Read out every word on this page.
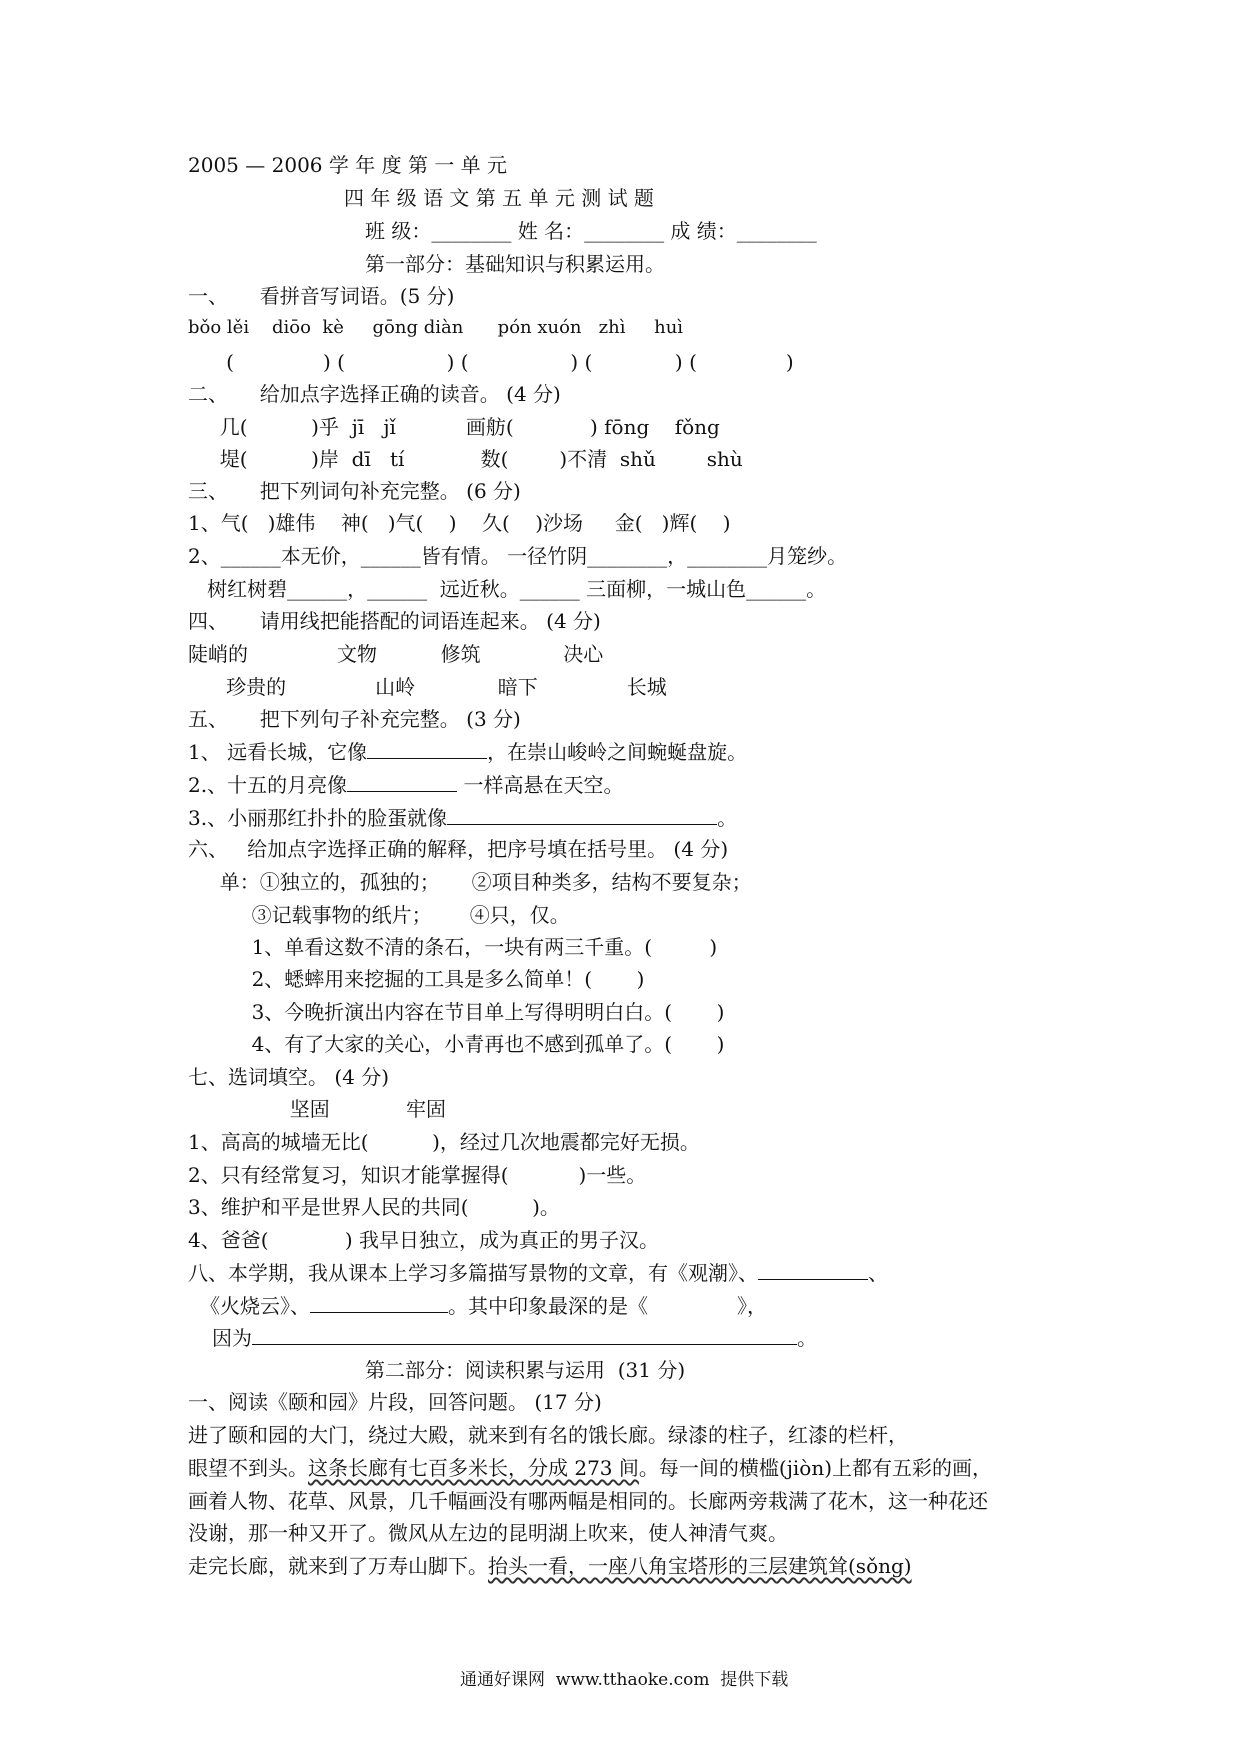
2005 — 2006 学 年 度 第 一 单 元
四 年 级 语 文 第 五 单 元 测 试 题
班 级：________ 姓 名：________ 成 绩：________
第一部分：基础知识与积累运用。
一、     看拼音写词语。(5 分)
bǒo lěi    diōo  kè     gōng diàn      pón xuón   zhì     huì
(              ) (                ) (                ) (             ) (              )
二、     给加点字选择正确的读音。 (4 分)
几(          )乎  jī   jǐ           画舫(            ) fōng    fǒng
堤(          )岸  dī   tí            数(        )不清  shǔ        shù
三、     把下列词句补充完整。 (6 分)
1、气(   )雄伟    神(   )气(    )    久(    )沙场     金(   )辉(    )
2、______本无价，______皆有情。 一径竹阴________，________月笼纱。
树红树碧______，______  远近秋。______ 三面柳，一城山色______。
四、     请用线把能搭配的词语连起来。 (4 分)
陡峭的              文物          修筑             决心
珍贵的              山岭             暗下              长城
五、     把下列句子补充完整。 (3 分)
1、 远看长城，它像	，在崇山峻岭之间蜿蜒盘旋。
2.、十五的月亮像	一样高悬在天空。
3.、小丽那红扑扑的脸蛋就像	。
六、   给加点字选择正确的解释，把序号填在括号里。 (4 分)
单：①独立的，孤独的；     ②项目种类多，结构不要复杂；
③记载事物的纸片；      ④只，仅。
1、单看这数不清的条石，一块有两三千重。(         )
2、蟋蟀用来挖掘的工具是多么简单！(       )
3、今晚折演出内容在节目单上写得明明白白。(       )
4、有了大家的关心，小青再也不感到孤单了。(       )
七、选词填空。 (4 分)
坚固            牢固
1、高高的城墙无比(          )，经过几次地震都完好无损。
2、只有经常复习，知识才能掌握得(           )一些。
3、维护和平是世界人民的共同(          )。
4、爸爸(            ) 我早日独立，成为真正的男子汉。
八、本学期，我从课本上学习多篇描写景物的文章，有《观潮》、	、
《火烧云》、	。其中印象最深的是《              》，
因为	。
第二部分：阅读积累与运用  (31 分)
一、阅读《颐和园》片段，回答问题。 (17 分)
进了颐和园的大门，绕过大殿，就来到有名的饿长廊。绿漆的柱子，红漆的栏杆，
眼望不到头。这条长廊有七百多米长，分成 273 间。每一间的横槛(jiòn)上都有五彩的画，
画着人物、花草、风景，几千幅画没有哪两幅是相同的。长廊两旁栽满了花木，这一种花还
没谢，那一种又开了。微风从左边的昆明湖上吹来，使人神清气爽。
走完长廊，就来到了万寿山脚下。抬头一看，一座八角宝塔形的三层建筑耸(sǒng)
通通好课网  www.tthaoke.com  提供下载
